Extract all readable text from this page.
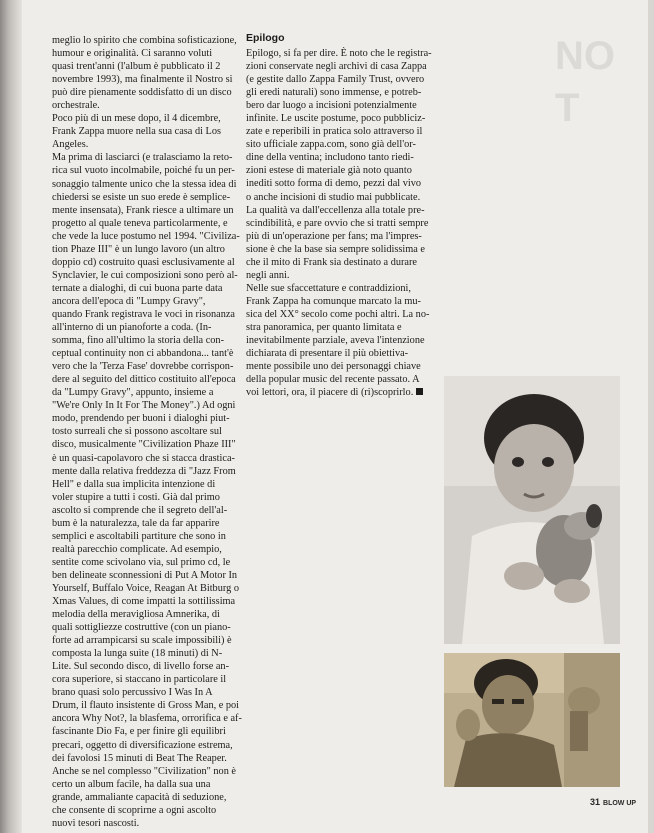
NO
T

meglio lo spirito che combina sofisticazione,

humour e originalità. Ci saranno voluti

quasi trent'anni (l'album è pubblicato il 2

novembre 1993), ma finalmente il Nostro si

può dire pienamente soddisfatto di un disco

orchestrale.

Poco più di un mese dopo, il 4 dicembre,

Frank Zappa muore nella sua casa di Los

Angeles.

Ma prima di lasciarci (e tralasciamo la reto-

rica sul vuoto incolmabile, poiché fu un per-

sonaggio talmente unico che la stessa idea di

chiedersi se esiste un suo erede è semplice-

mente insensata), Frank riesce a ultimare un

progetto al quale teneva particolarmente, e

che vede la luce postumo nel 1994. "Civiliza-

tion Phaze III" è un lungo lavoro (un altro

doppio cd) costruito quasi esclusivamente al

Synclavier, le cui composizioni sono però al-

ternate a dialoghi, di cui buona parte data

ancora dell'epoca di "Lumpy Gravy",

quando Frank registrava le voci in risonanza

all'interno di un pianoforte a coda. (In-

somma, fino all'ultimo la storia della con-

ceptual continuity non ci abbandona... tant'è

vero che la 'Terza Fase' dovrebbe corrispon-

dere al seguito del dittico costituito all'epoca

da "Lumpy Gravy", appunto, insieme a

"We're Only In It For The Money".) Ad ogni

modo, prendendo per buoni i dialoghi piut-

tosto surreali che si possono ascoltare sul

disco, musicalmente "Civilization Phaze III"

è un quasi-capolavoro che si stacca drastica-

mente dalla relativa freddezza di "Jazz From

Hell" e dalla sua implicita intenzione di

voler stupire a tutti i costi. Già dal primo

ascolto si comprende che il segreto dell'al-

bum è la naturalezza, tale da far apparire

semplici e ascoltabili partiture che sono in

realtà parecchio complicate. Ad esempio,

sentite come scivolano via, sul primo cd, le

ben delineate sconnessioni di Put A Motor In

Yourself, Buffalo Voice, Reagan At Bitburg o

Xmas Values, di come impatti la sottilissima

melodia della meravigliosa Amnerika, di

quali sottigliezze costruttive (con un piano-

forte ad arrampicarsi su scale impossibili) è

composta la lunga suite (18 minuti) di N-

Lite. Sul secondo disco, di livello forse an-

cora superiore, si staccano in particolare il

brano quasi solo percussivo I Was In A

Drum, il flauto insistente di Gross Man, e poi

ancora Why Not?, la blasfema, orrorifica e af-

fascinante Dio Fa, e per finire gli equilibri

precari, oggetto di diversificazione estrema,

dei favolosi 15 minuti di Beat The Reaper.

Anche se nel complesso "Civilization" non è

certo un album facile, ha dalla sua una

grande, ammaliante capacità di seduzione,

che consente di scoprirne a ogni ascolto

nuovi tesori nascosti.

Epilogo

Epilogo, si fa per dire. È noto che le registra-

zioni conservate negli archivi di casa Zappa

(e gestite dallo Zappa Family Trust, ovvero

gli eredi naturali) sono immense, e potreb-

bero dar luogo a incisioni potenzialmente

infinite. Le uscite postume, poco pubbliciz-

zate e reperibili in pratica solo attraverso il

sito ufficiale zappa.com, sono già dell'or-

dine della ventina; includono tanto riedi-

zioni estese di materiale già noto quanto

inediti sotto forma di demo, pezzi dal vivo

o anche incisioni di studio mai pubblicate.

La qualità va dall'eccellenza alla totale pre-

scindibilità, e pare ovvio che si tratti sempre

più di un'operazione per fans; ma l'impres-

sione è che la base sia sempre solidissima e

che il mito di Frank sia destinato a durare

negli anni.

Nelle sue sfaccettature e contraddizioni,

Frank Zappa ha comunque marcato la mu-

sica del XX° secolo come pochi altri. La no-

stra panoramica, per quanto limitata e

inevitabilmente parziale, aveva l'intenzione

dichiarata di presentare il più obiettiva-

mente possibile uno dei personaggi chiave

della popular music del recente passato. A

voi lettori, ora, il piacere di (ri)scoprirlo.

31 BLOW UP
